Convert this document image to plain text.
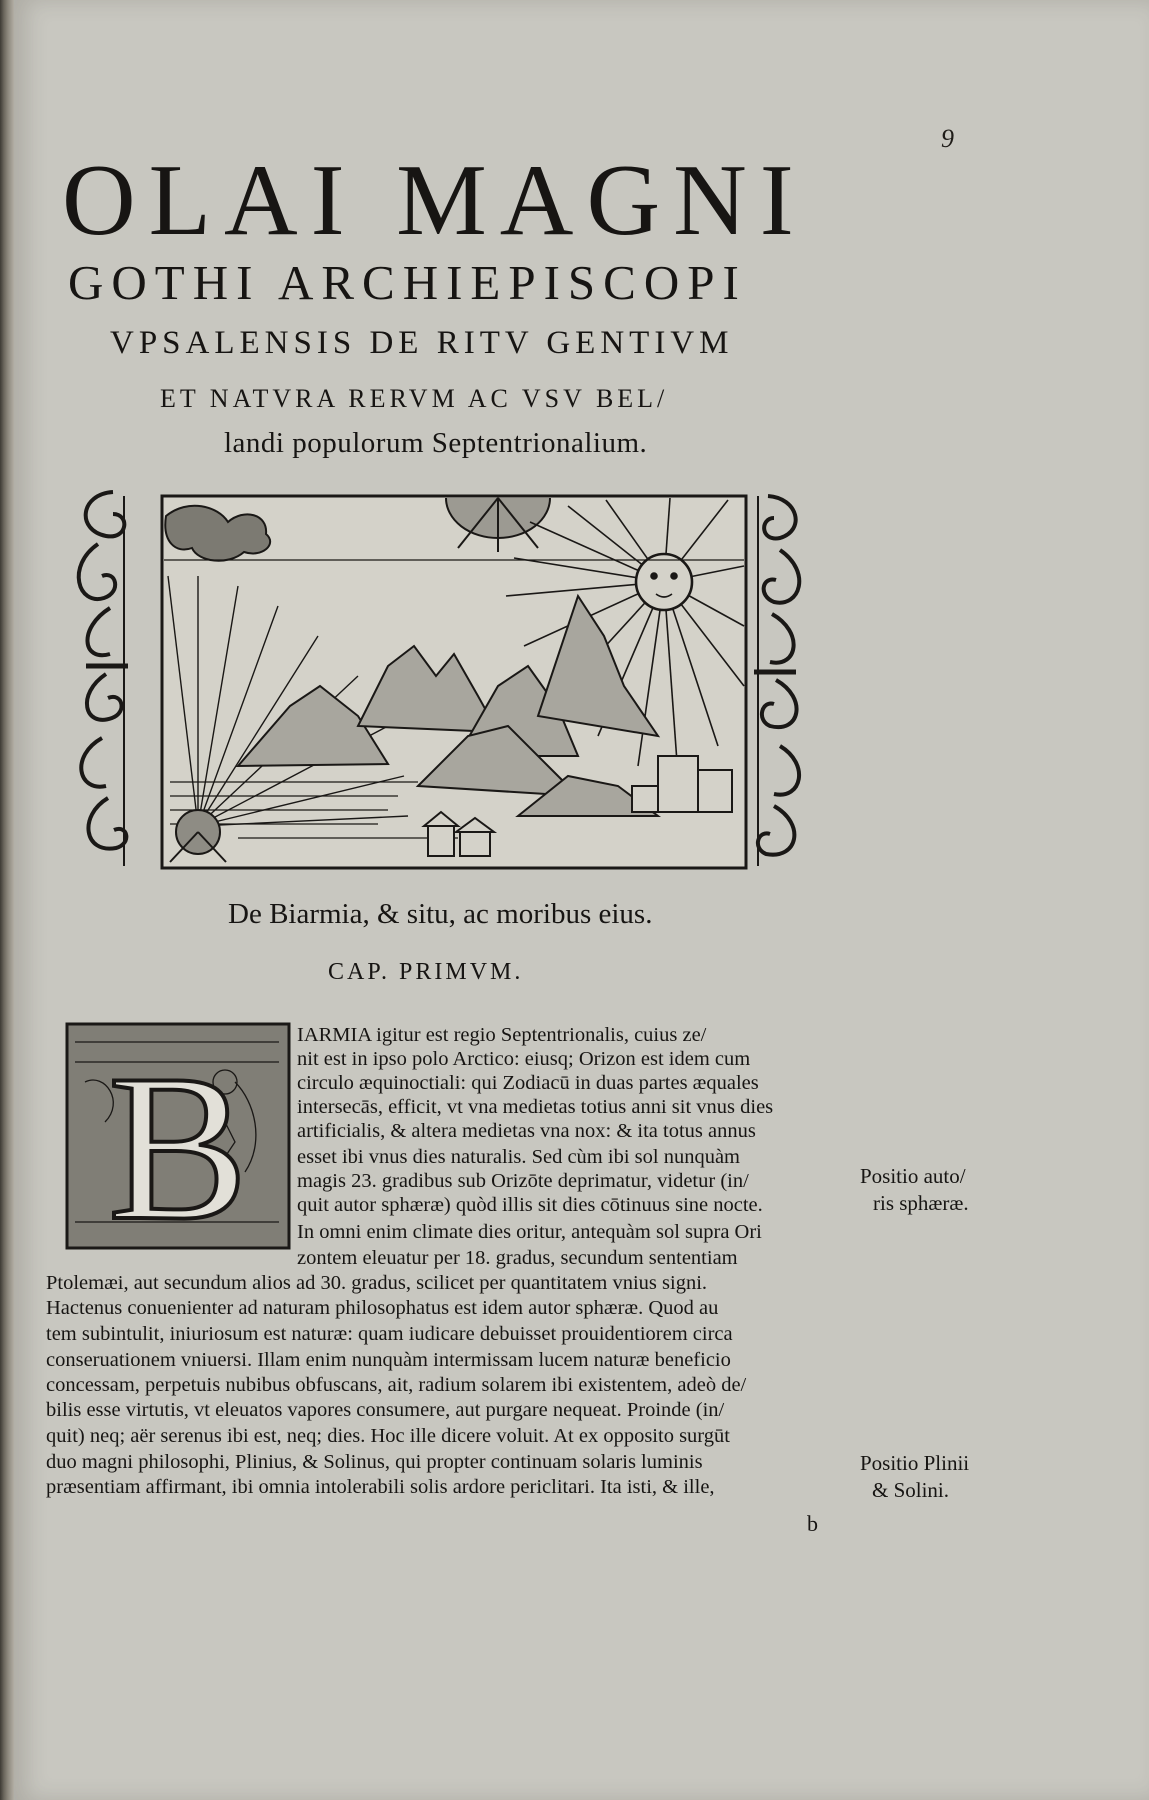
9
OLAI MAGNI
GOTHI ARCHIEPISCOPI
VPSALENSIS DE RITV GENTIVM
ET NATVRA RERVM AC VSV BEL/
landi populorum Septentrionalium.
De Biarmia, & situ, ac moribus eius.
CAP. PRIMVM.
B IARMIA igitur est regio Septentrionalis, cuius ze/
nit est in ipso polo Arctico: eiusq; Orizon est idem cum
circulo æquinoctiali: qui Zodiacū in duas partes æquales
intersecās, efficit, vt vna medietas totius anni sit vnus dies
artificialis, & altera medietas vna nox: & ita totus annus
esset ibi vnus dies naturalis. Sed cùm ibi sol nunquàm
magis 23. gradibus sub Orizōte deprimatur, videtur (in/
quit autor sphæræ) quòd illis sit dies cōtinuus sine nocte.
In omni enim climate dies oritur, antequàm sol supra Ori
zontem eleuatur per 18. gradus, secundum sententiam
Ptolemæi, aut secundum alios ad 30. gradus, scilicet per quantitatem vnius signi.
Hactenus conuenienter ad naturam philosophatus est idem autor sphæræ. Quod au
tem subintulit, iniuriosum est naturæ: quam iudicare debuisset prouidentiorem circa
conseruationem vniuersi. Illam enim nunquàm intermissam lucem naturæ beneficio
concessam, perpetuis nubibus obfuscans, ait, radium solarem ibi existentem, adeò de/
bilis esse virtutis, vt eleuatos vapores consumere, aut purgare nequeat. Proinde (in/
quit) neq; aër serenus ibi est, neq; dies. Hoc ille dicere voluit. At ex opposito surgūt
duo magni philosophi, Plinius, & Solinus, qui propter continuam solaris luminis
præsentiam affirmant, ibi omnia intolerabili solis ardore periclitari. Ita isti, & ille,
Positio auto/
ris sphæræ.
Positio Plinii
& Solini.
b
